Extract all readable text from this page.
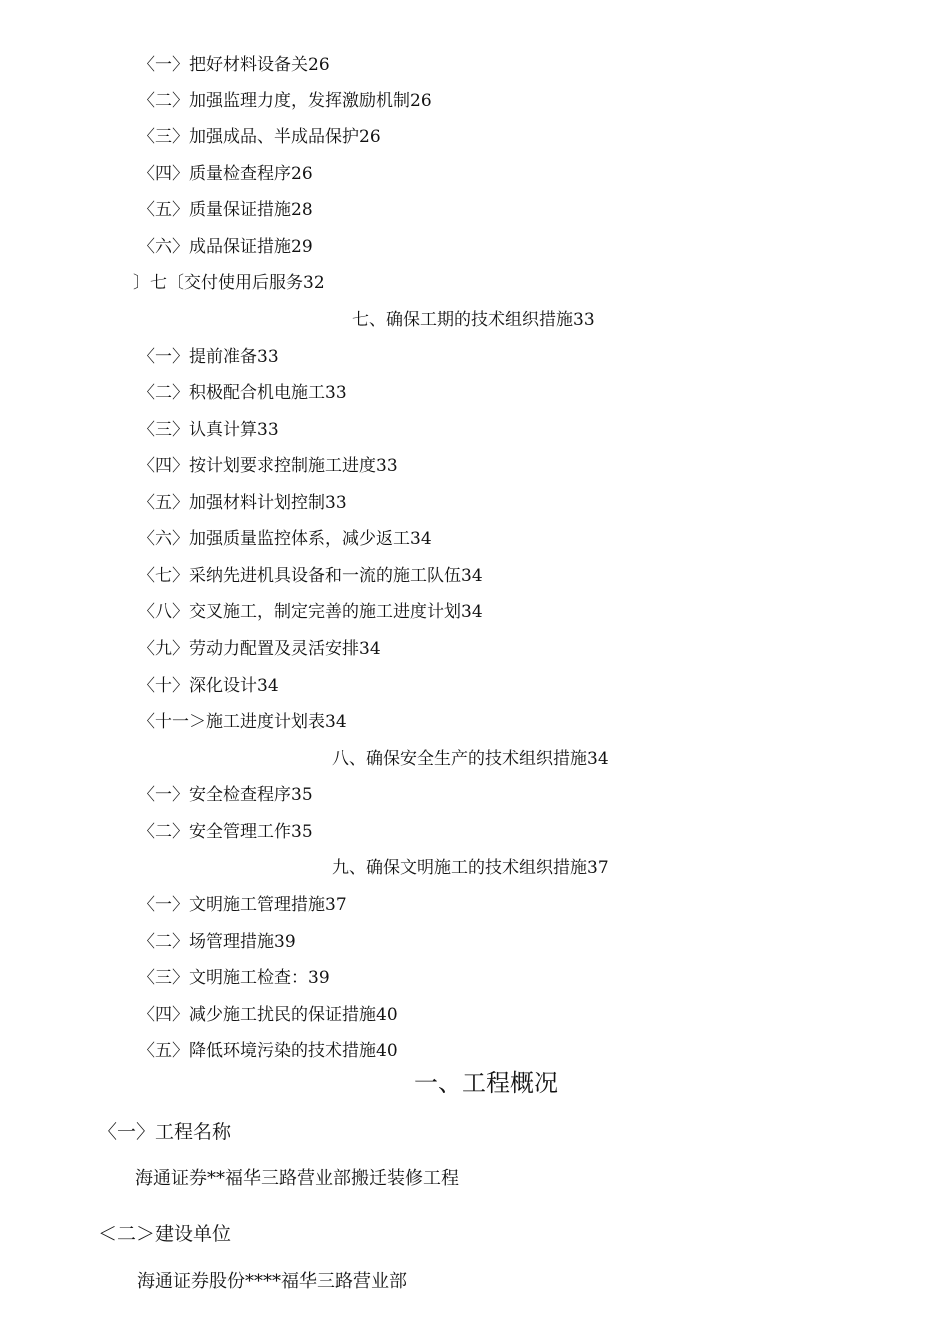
〈一〉把好材料设备关26
〈二〉加强监理力度，发挥激励机制26
〈三〉加强成品、半成品保护26
〈四〉质量检查程序26
〈五〉质量保证措施28
〈六〉成品保证措施29
〕七〔交付使用后服务32
七、确保工期的技术组织措施33
〈一〉提前准备33
〈二〉积极配合机电施工33
〈三〉认真计算33
〈四〉按计划要求控制施工进度33
〈五〉加强材料计划控制33
〈六〉加强质量监控体系，减少返工34
〈七〉采纳先进机具设备和一流的施工队伍34
〈八〉交叉施工，制定完善的施工进度计划34
〈九〉劳动力配置及灵活安排34
〈十〉深化设计34
〈十一＞施工进度计划表34
八、确保安全生产的技术组织措施34
〈一〉安全检查程序35
〈二〉安全管理工作35
九、确保文明施工的技术组织措施37
〈一〉文明施工管理措施37
〈二〉场管理措施39
〈三〉文明施工检查：39
〈四〉减少施工扰民的保证措施40
〈五〉降低环境污染的技术措施40
一、工程概况
〈一〉工程名称
海通证券**福华三路营业部搬迁装修工程
＜二＞建设单位
海通证券股份****福华三路营业部
